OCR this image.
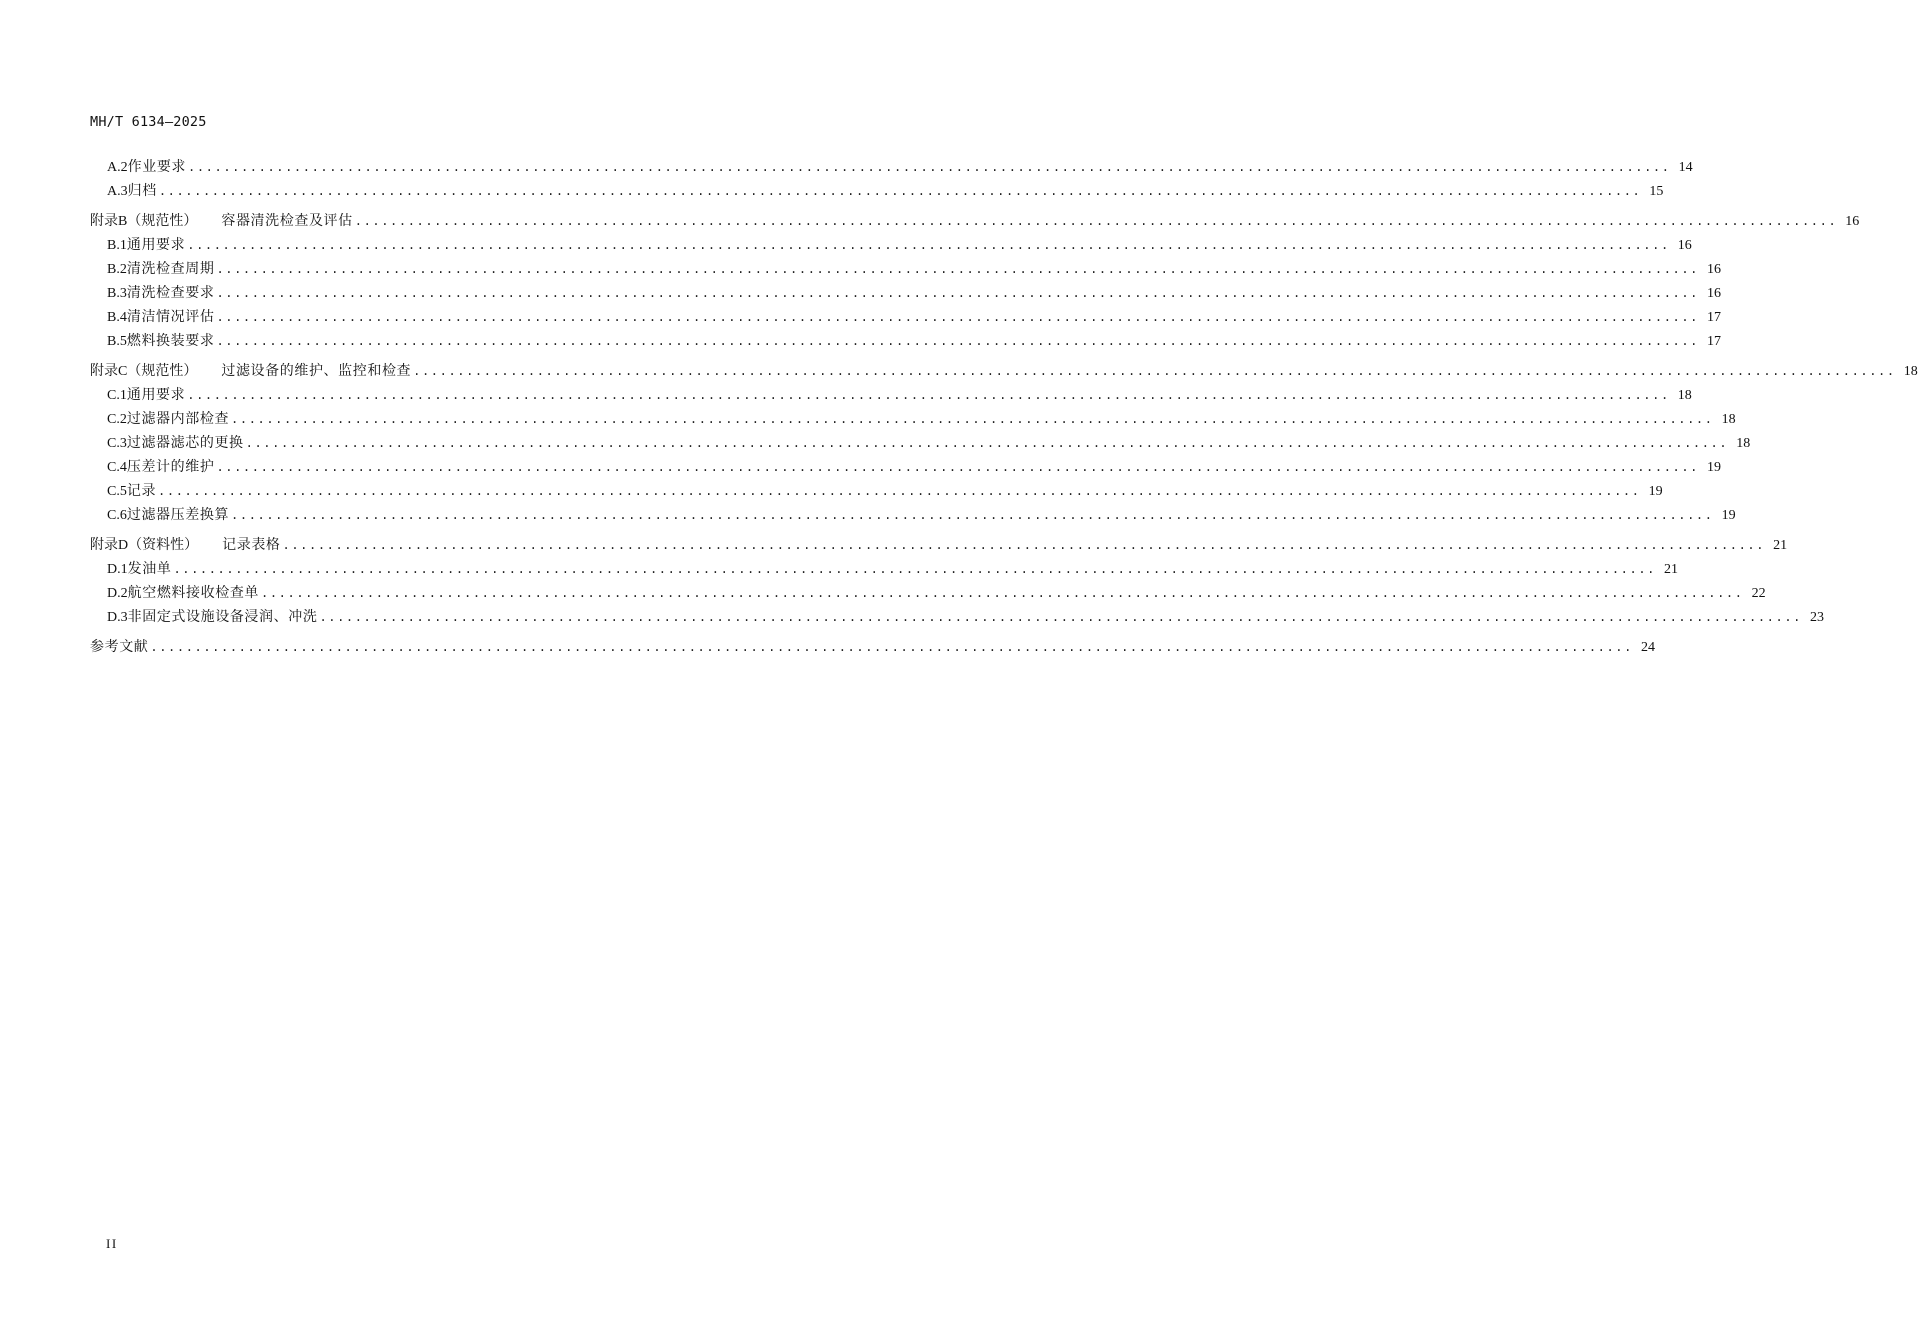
MH/T 6134—2025
A.2 作业要求 ........................................................................................................................................................................ 14
A.3 归档 ........................................................................................................................................................................ 15
附录B （规范性） 容器清洗检查及评估 ........................................................................................................................................................................ 16
B.1 通用要求 ........................................................................................................................................................................ 16
B.2 清洗检查周期 ........................................................................................................................................................................ 16
B.3 清洗检查要求 ........................................................................................................................................................................ 16
B.4 清洁情况评估 ........................................................................................................................................................................ 17
B.5 燃料换装要求 ........................................................................................................................................................................ 17
附录C （规范性） 过滤设备的维护、监控和检查 ........................................................................................................................................................................ 18
C.1 通用要求 ........................................................................................................................................................................ 18
C.2 过滤器内部检查 ........................................................................................................................................................................ 18
C.3 过滤器滤芯的更换 ........................................................................................................................................................................ 18
C.4 压差计的维护 ........................................................................................................................................................................ 19
C.5 记录 ........................................................................................................................................................................ 19
C.6 过滤器压差换算 ........................................................................................................................................................................ 19
附录D （资料性） 记录表格 ........................................................................................................................................................................ 21
D.1 发油单 ........................................................................................................................................................................ 21
D.2 航空燃料接收检查单 ........................................................................................................................................................................ 22
D.3 非固定式设施设备浸润、冲洗 ........................................................................................................................................................................ 23
参考文献 ........................................................................................................................................................................ 24
II
